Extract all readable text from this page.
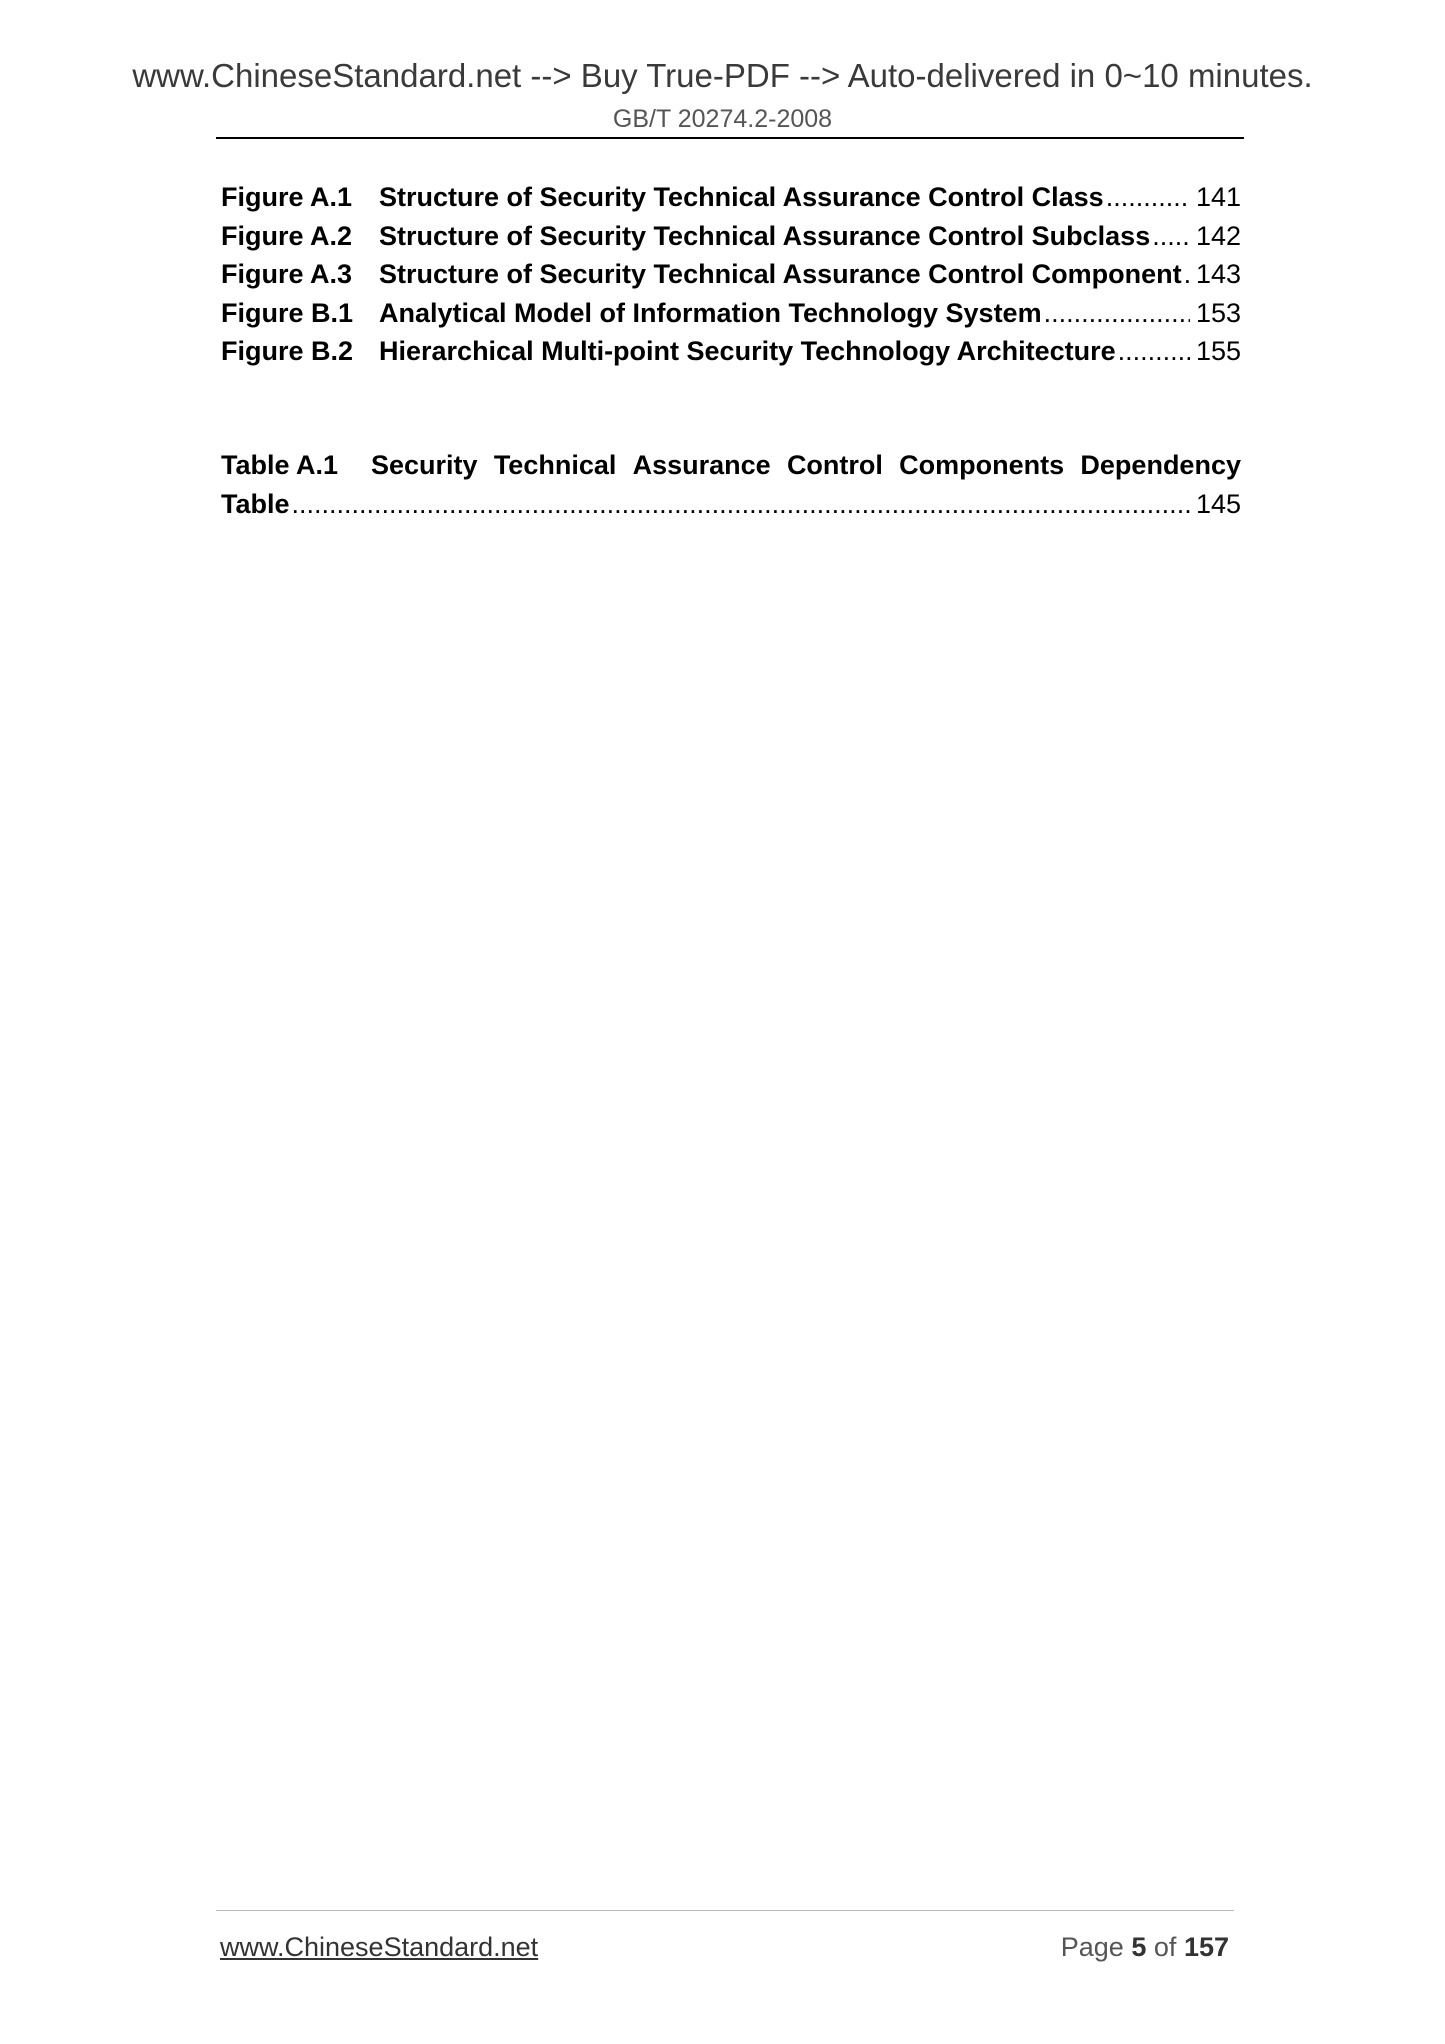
www.ChineseStandard.net --> Buy True-PDF --> Auto-delivered in 0~10 minutes.
GB/T 20274.2-2008
Figure A.1 Structure of Security Technical Assurance Control Class .....	141
Figure A.2 Structure of Security Technical Assurance Control Subclass ..... 142
Figure A.3 Structure of Security Technical Assurance Control Component ..... 143
Figure B.1 Analytical Model of Information Technology System .....	153
Figure B.2 Hierarchical Multi-point Security Technology Architecture .....	155
Table A.1	Security Technical Assurance Control Components Dependency
Table .....	145
www.ChineseStandard.net	Page 5 of 157
